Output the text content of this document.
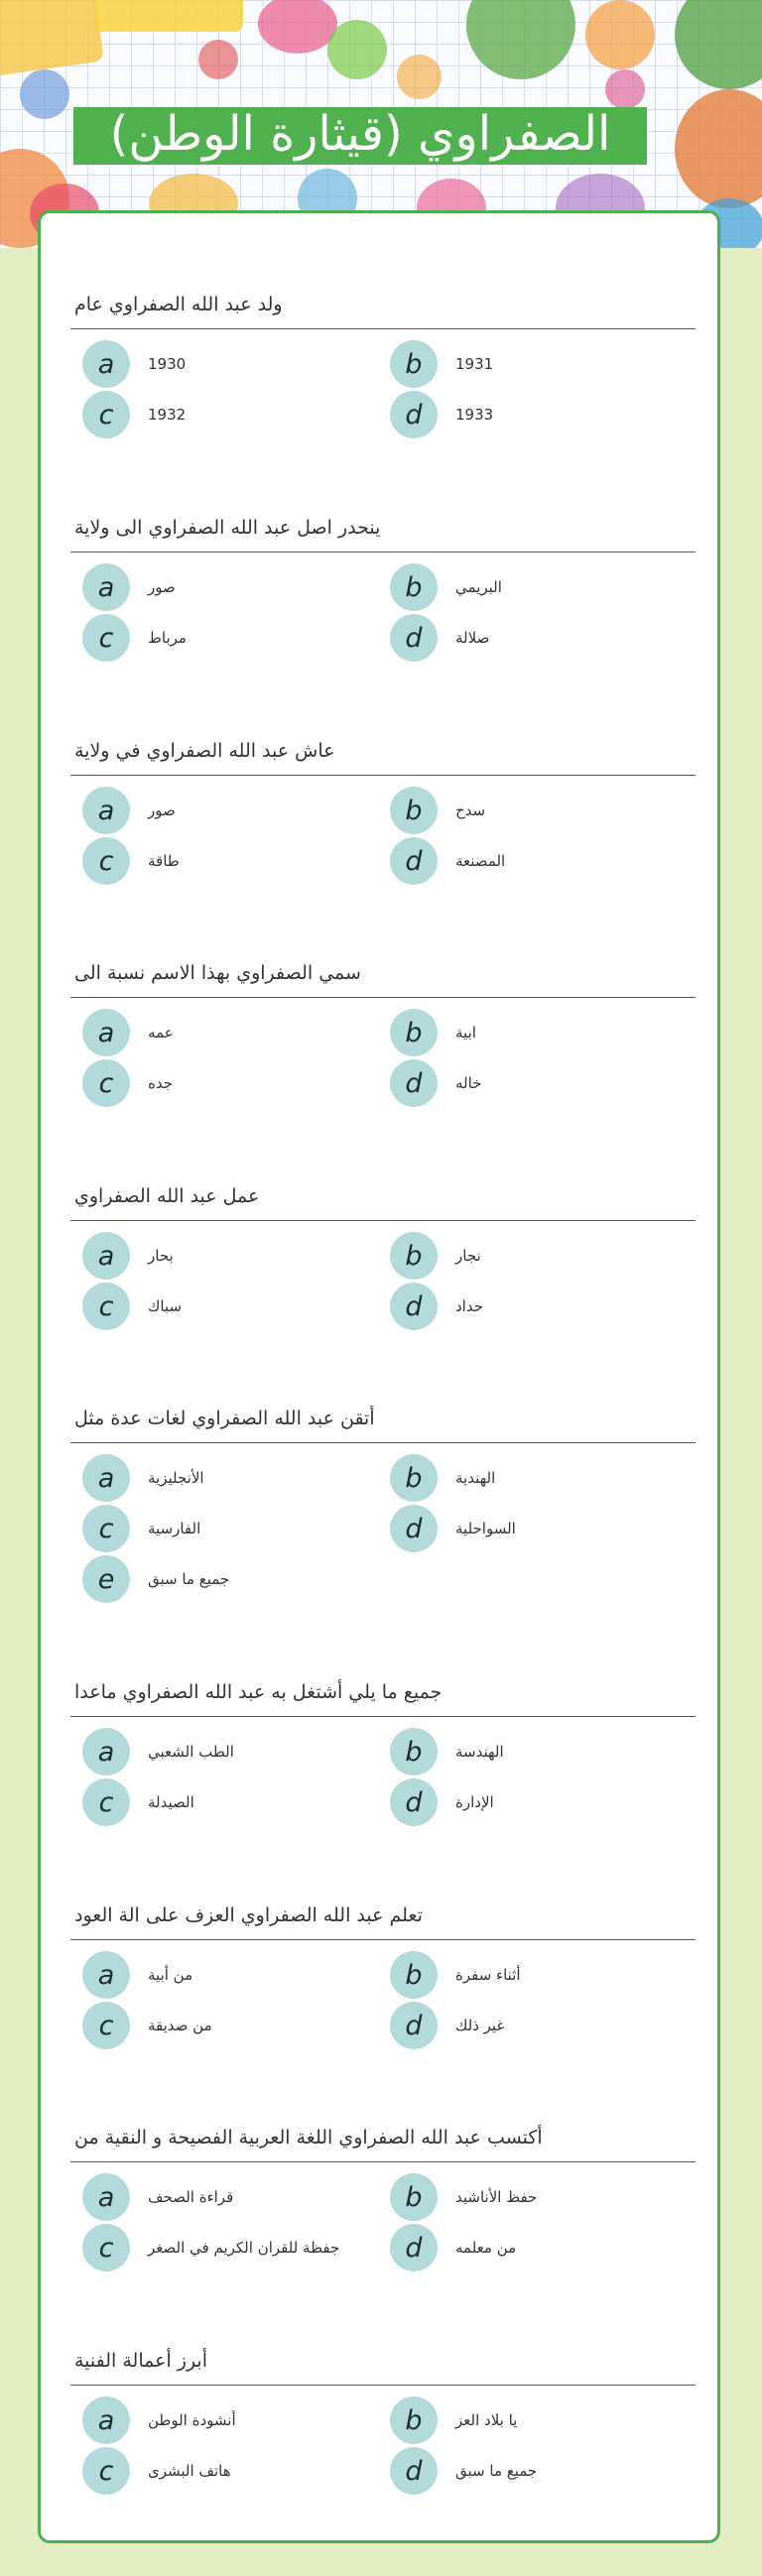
الصفراوي (قيثارة الوطن)
ولد عبد الله الصفراوي عام
a	1930	b	1931
c	1932	d	1933
ينحدر اصل عبد الله الصفراوي الى ولاية
a	صور	b	البريمي
c	مرباط	d	صلالة
عاش عبد الله الصفراوي في ولاية
a	صور	b	سدح
c	طاقة	d	المصنعة
سمي الصفراوي بهذا الاسم نسبة الى
a	عمه	b	ابية
c	جده	d	خاله
عمل عبد الله الصفراوي
a	بحار	b	نجار
c	سباك	d	حداد
أتقن عبد الله الصفراوي لغات عدة مثل
a	الأنجليزية	b	الهندية
c	الفارسية	d	السواحلية
e	جميع ما سبق
جميع ما يلي أشتغل به عبد الله الصفراوي ماعدا
a	الطب الشعبي	b	الهندسة
c	الصيدلة	d	الإدارة
تعلم عبد الله الصفراوي العزف على الة العود
a	من أبية	b	أثناء سفرة
c	من صديقة	d	غير ذلك
أكتسب عبد الله الصفراوي اللغة العربية الفصيحة و النقية من
a	قراءة الصحف	b	حفظ الأناشيد
c	جفظة للقران الكريم في الصغر	d	من معلمه
أبرز أعمالة الفنية
a	أنشودة الوطن	b	يا بلاد العز
c	هاتف البشرى	d	جميع ما سبق
